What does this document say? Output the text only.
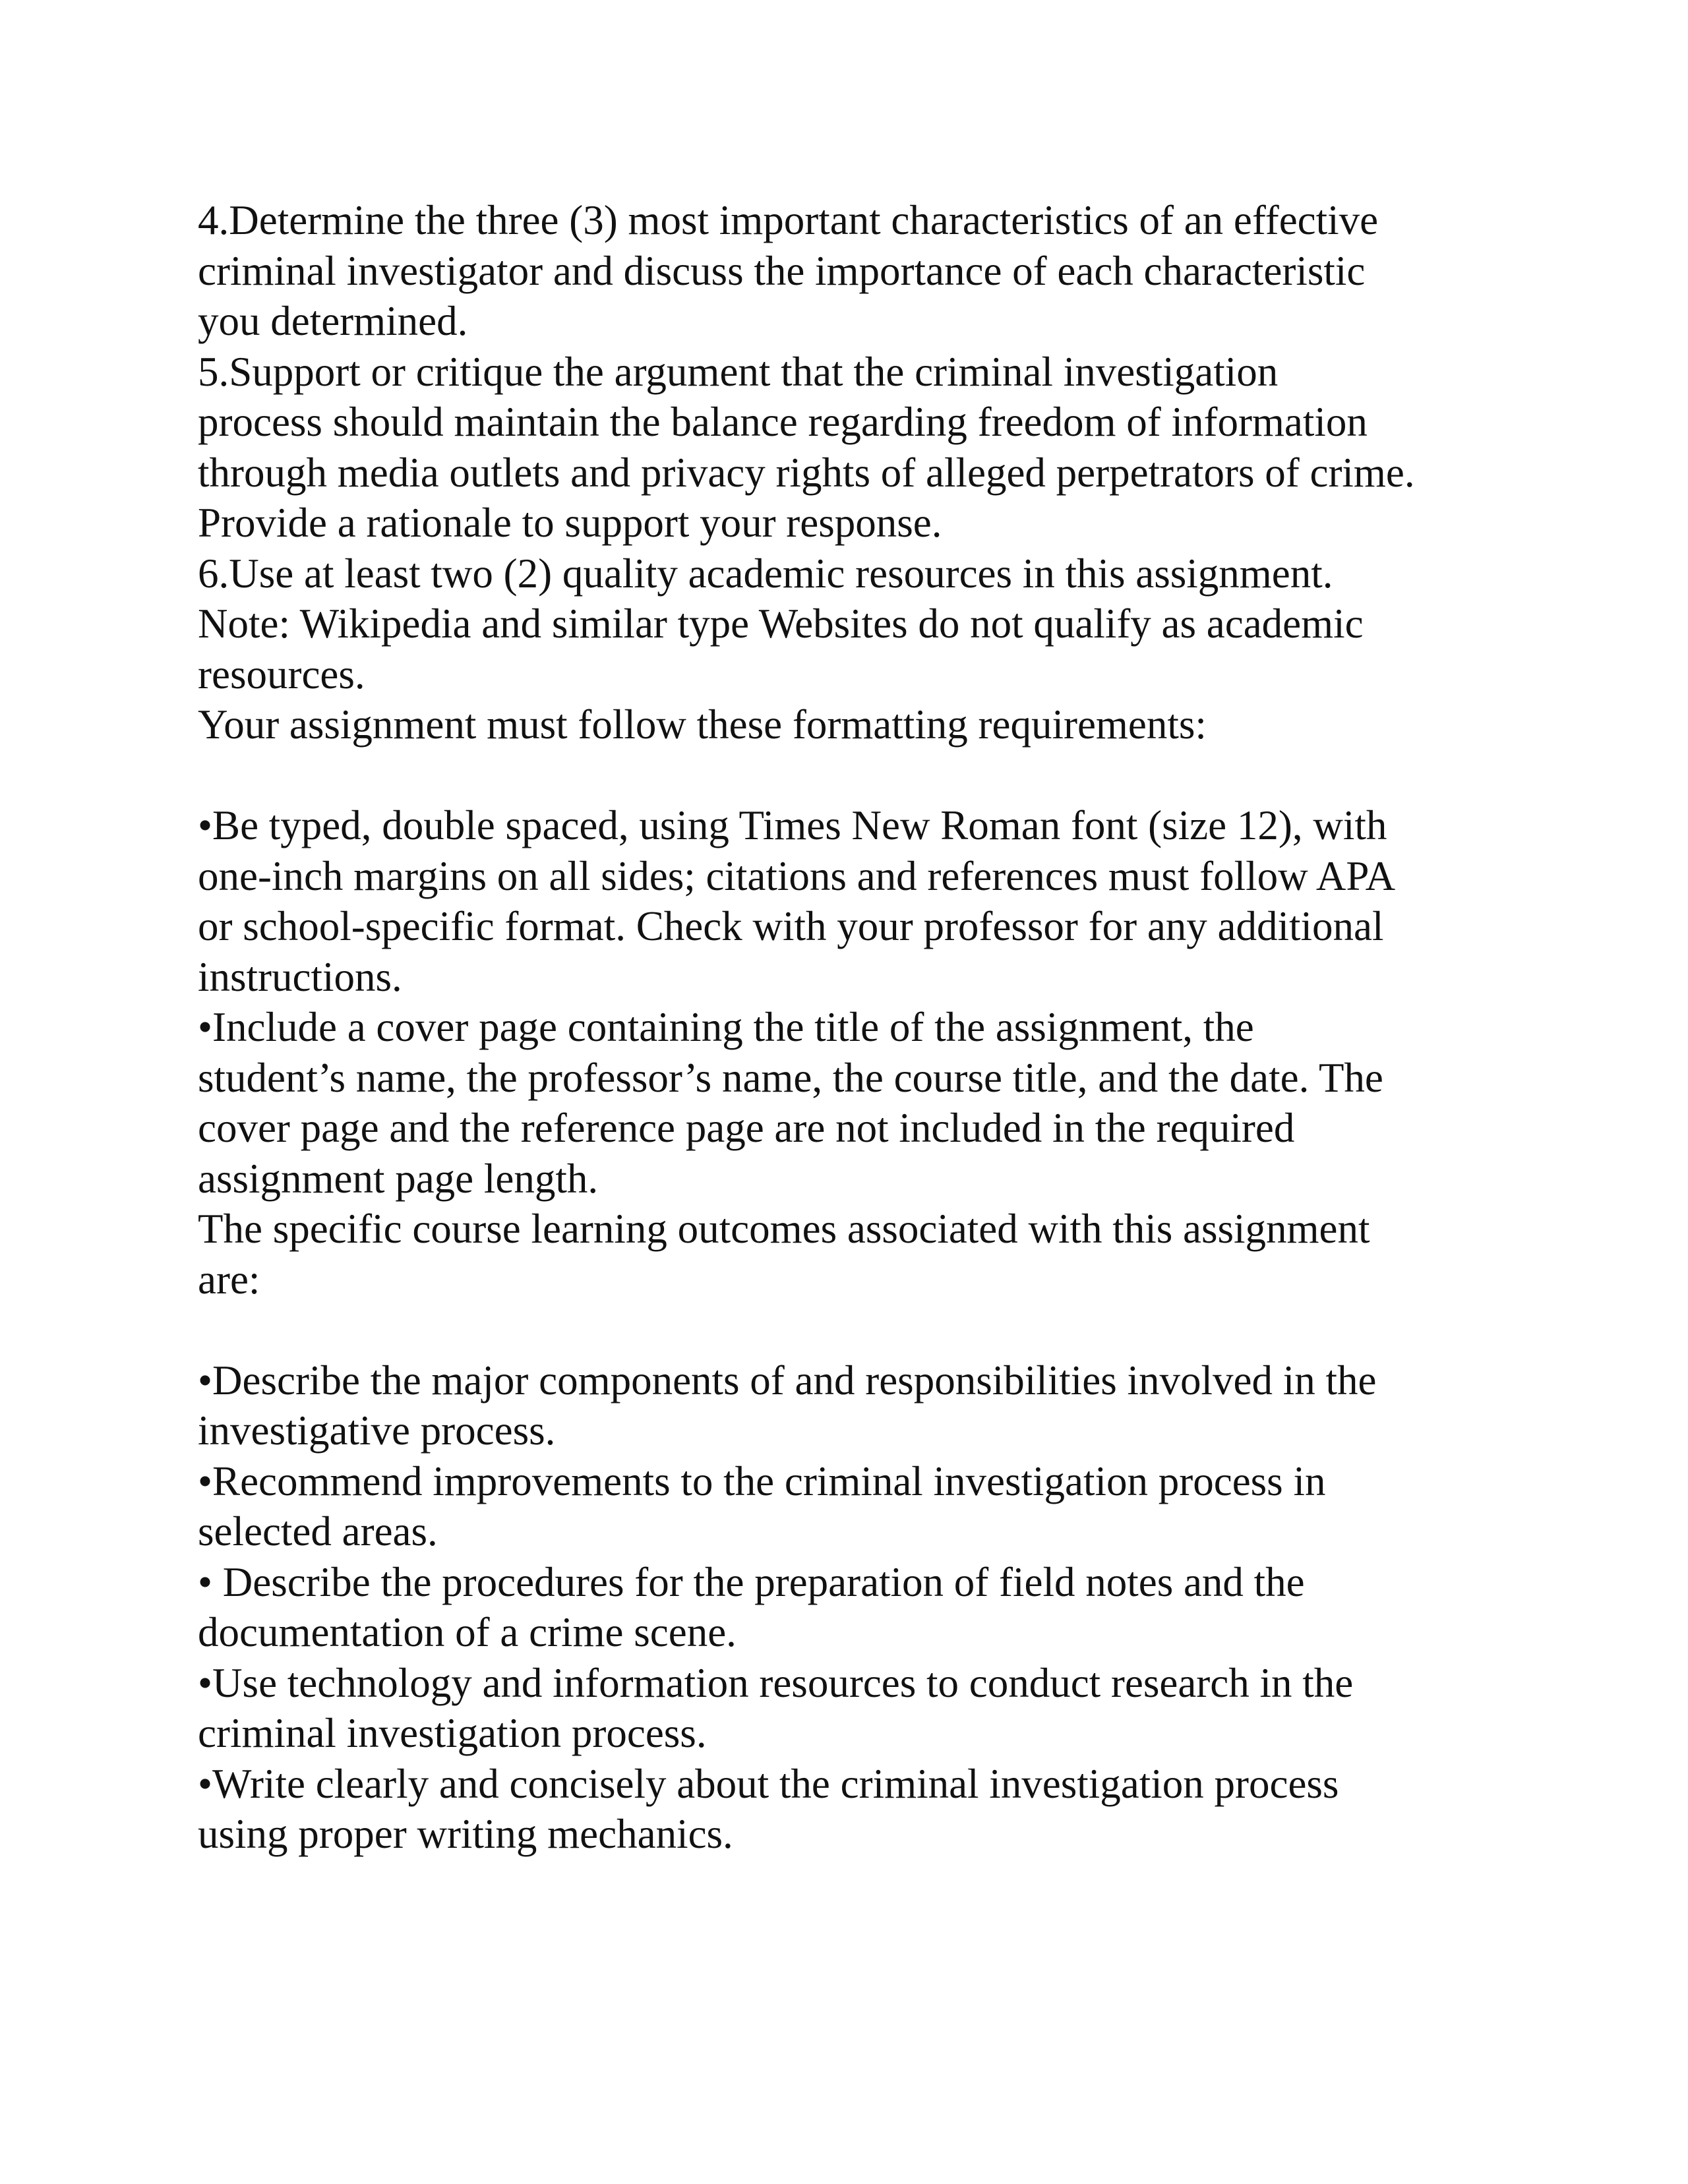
4.Determine the three (3) most important characteristics of an effective
criminal investigator and discuss the importance of each characteristic
you determined.
5.Support or critique the argument that the criminal investigation
process should maintain the balance regarding freedom of information
through media outlets and privacy rights of alleged perpetrators of crime.
Provide a rationale to support your response.
6.Use at least two (2) quality academic resources in this assignment.
Note: Wikipedia and similar type Websites do not qualify as academic
resources.
Your assignment must follow these formatting requirements:
•Be typed, double spaced, using Times New Roman font (size 12), with
one-inch margins on all sides; citations and references must follow APA
or school-specific format. Check with your professor for any additional
instructions.
•Include a cover page containing the title of the assignment, the
student’s name, the professor’s name, the course title, and the date. The
cover page and the reference page are not included in the required
assignment page length.
The specific course learning outcomes associated with this assignment
are:
•Describe the major components of and responsibilities involved in the
investigative process.
•Recommend improvements to the criminal investigation process in
selected areas.
• Describe the procedures for the preparation of field notes and the
documentation of a crime scene.
•Use technology and information resources to conduct research in the
criminal investigation process.
•Write clearly and concisely about the criminal investigation process
using proper writing mechanics.
